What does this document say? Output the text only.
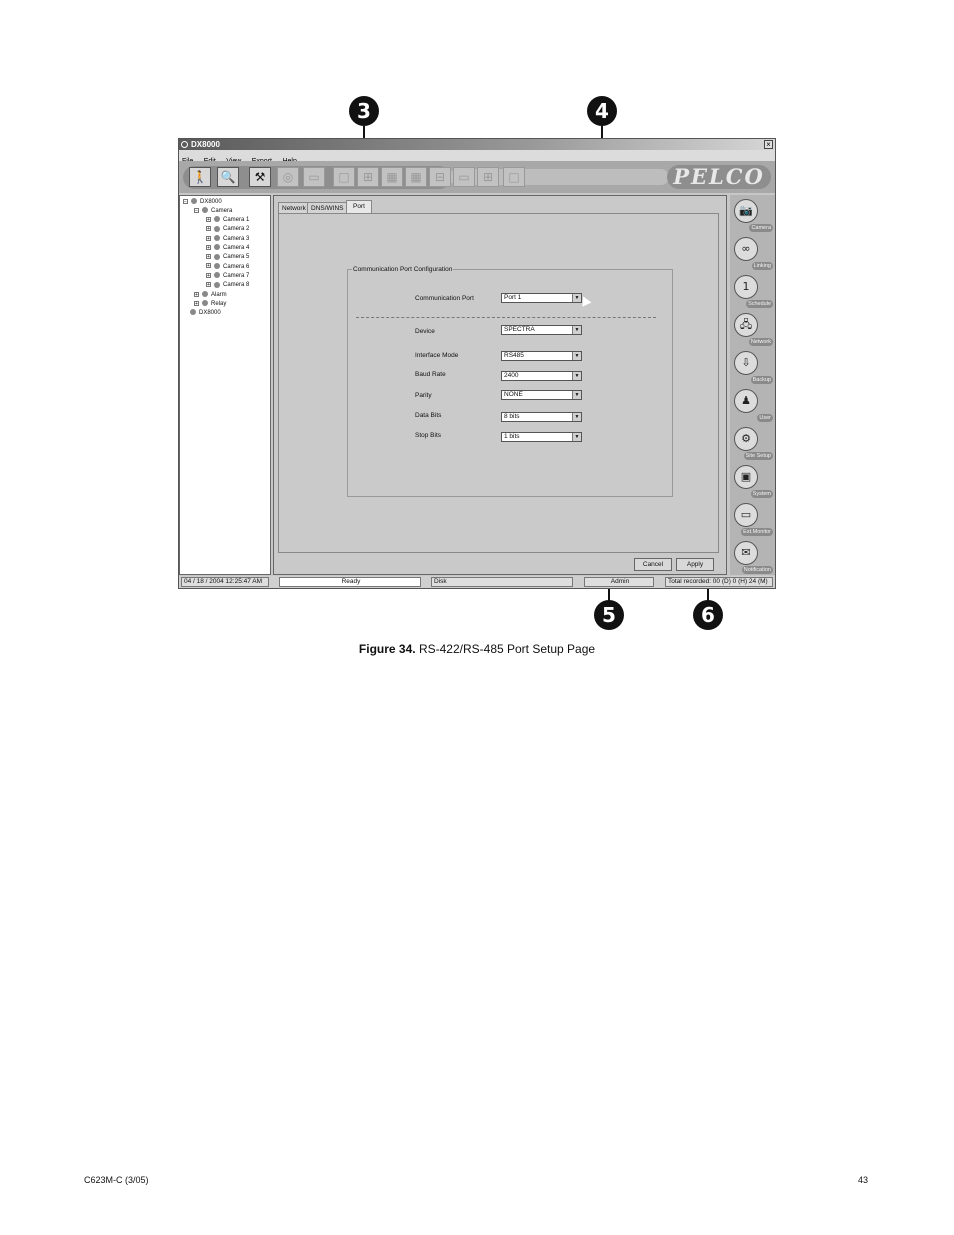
3	4
5	6
DX8000	×

PELCO
🚶 🔍	⚒	◎	▭	□	⊞	▦	▦	⊟	▭	⊞	□
− DX8000
− Camera
+ Camera 1
+ Camera 2
+ Camera 3
+ Camera 4
+ Camera 5
+ Camera 6
+ Camera 7
+ Camera 8
+ Alarm
+ Relay
DX8000
Network DNS/WINS	Port
Communication Port Configuration
Communication Port	Port 1	▼
Device	SPECTRA	▼
Interface Mode	RS485	▼
Baud Rate	2400	▼
Parity	NONE	▼
Data Bits	8 bits	▼
Stop Bits	1 bits	▼
Cancel	Apply
📷
Camera
∞
Linking
1
Schedule
🖧
Network
⇩
Backup
♟
User
⚙
Site Setup
▣
System
▭
Ext.Monitor
✉
Notification
04 / 18 / 2004 12:25:47 AM	Ready	Disk	Admin	Total recorded: 00 (D) 0 (H) 24 (M)
Figure 34. RS-422/RS-485 Port Setup Page
C623M-C (3/05)	43
